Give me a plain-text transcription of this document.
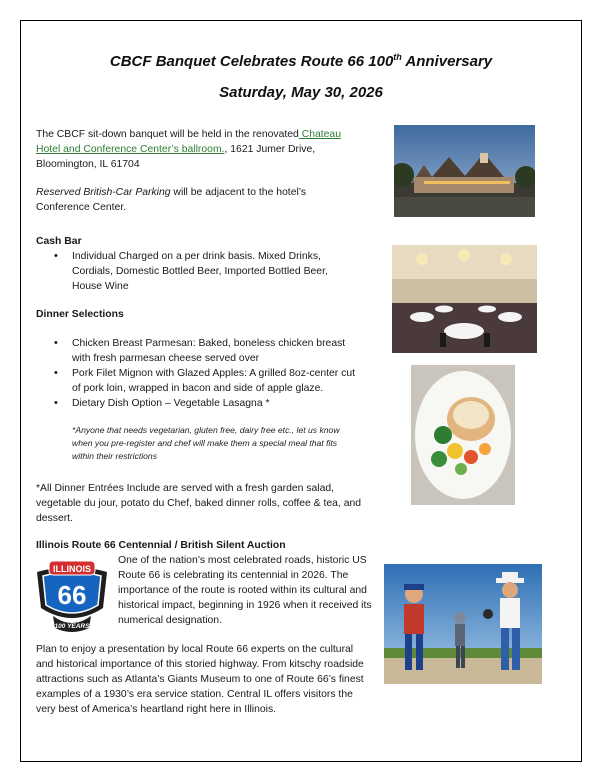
CBCF Banquet Celebrates Route 66 100th Anniversary
Saturday, May 30, 2026
The CBCF sit-down banquet will be held in the renovated Chateau Hotel and Conference Center’s ballroom., 1621 Jumer Drive, Bloomington, IL 61704
Reserved British-Car Parking will be adjacent to the hotel’s Conference Center.
Cash Bar
• Individual Charged on a per drink basis. Mixed Drinks, Cordials, Domestic Bottled Beer, Imported Bottled Beer, House Wine
Dinner Selections
• Chicken Breast Parmesan: Baked, boneless chicken breast with fresh parmesan cheese served over
• Pork Filet Mignon with Glazed Apples: A grilled 8oz-center cut of pork loin, wrapped in bacon and side of apple glaze.
• Dietary Dish Option – Vegetable Lasagna *
*Anyone that needs vegetarian, gluten free, dairy free etc., let us know when you pre-register and chef will make them a special meal that fits within their restrictions
*All Dinner Entrées Include are served with a fresh garden salad, vegetable du jour, potato du Chef, baked dinner rolls, coffee & tea, and dessert.
Illinois Route 66 Centennial / British Silent Auction
One of the nation’s most celebrated roads, historic US Route 66 is celebrating its centennial in 2026. The importance of the route is rooted within its cultural and historical impact, beginning in 1926 when it received its numerical designation.
Plan to enjoy a presentation by local Route 66 experts on the cultural and historical importance of this storied highway. From kitschy roadside attractions such as Atlanta’s Giants Museum to one of Route 66’s finest examples of a 1930’s era service station. Central IL offers visitors the very best of America’s heartland right here in Illinois.
ILLINOIS
66
100 YEARS
